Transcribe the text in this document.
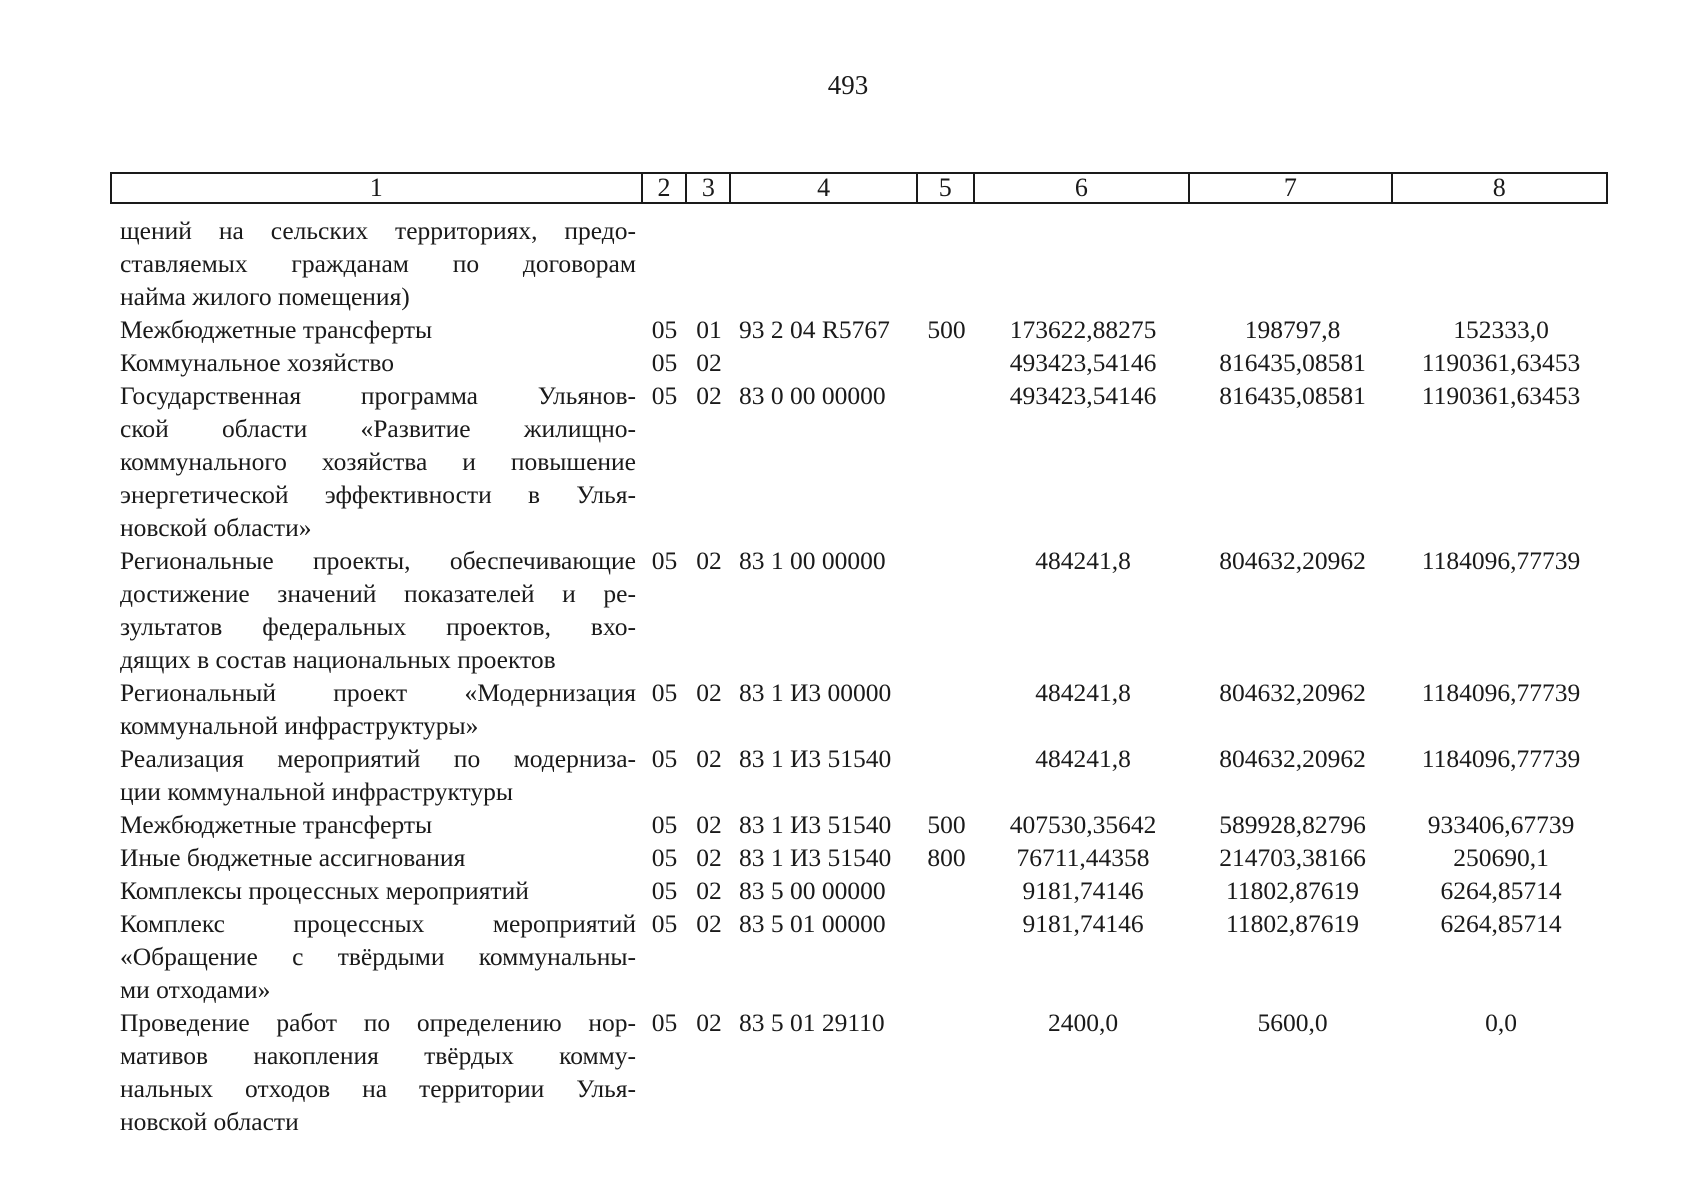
493
1	2	3	4	5	6	7	8
щений на сельских территориях, предо-
ставляемых гражданам по договорам
найма жилого помещения)
Межбюджетные трансферты	05 01 93 2 04 R5767	500	173622,88275	198797,8	152333,0
Коммунальное хозяйство	05 02	493423,54146	816435,08581	1190361,63453
Государственная программа Ульянов-
ской области «Развитие жилищно-
коммунального хозяйства и повышение
энергетической эффективности в Улья-
новской области»
05 02 83 0 00 00000	493423,54146	816435,08581	1190361,63453
Региональные проекты, обеспечивающие
достижение значений показателей и ре-
зультатов федеральных проектов, вхо-
дящих в состав национальных проектов
05 02 83 1 00 00000	484241,8	804632,20962	1184096,77739
Региональный проект «Модернизация
коммунальной инфраструктуры»
05 02 83 1 И3 00000	484241,8	804632,20962	1184096,77739
Реализация мероприятий по модерниза-
ции коммунальной инфраструктуры
05 02 83 1 И3 51540	484241,8	804632,20962	1184096,77739
Межбюджетные трансферты	05 02 83 1 И3 51540	500	407530,35642	589928,82796	933406,67739
Иные бюджетные ассигнования	05 02 83 1 И3 51540	800	76711,44358	214703,38166	250690,1
Комплексы процессных мероприятий	05 02 83 5 00 00000	9181,74146	11802,87619	6264,85714
Комплекс процессных мероприятий
«Обращение с твёрдыми коммунальны-
ми отходами»
05 02 83 5 01 00000	9181,74146	11802,87619	6264,85714
Проведение работ по определению нор-
мативов накопления твёрдых комму-
нальных отходов на территории Улья-
новской области
05 02 83 5 01 29110	2400,0	5600,0	0,0
